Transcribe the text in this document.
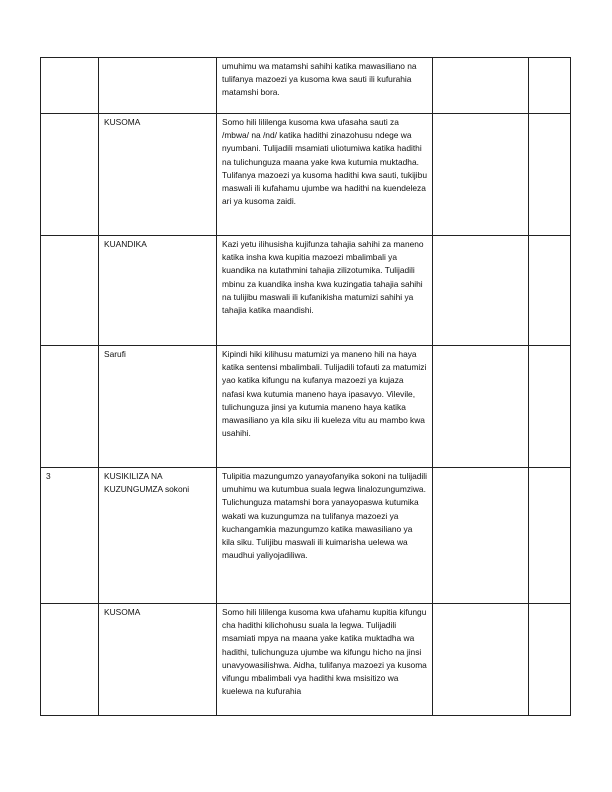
		umuhimu wa matamshi sahihi katika mawasiliano na tulifanya mazoezi ya kusoma kwa sauti ili kufurahia matamshi bora.		
	KUSOMA	Somo hili lililenga kusoma kwa ufasaha sauti za /mbwa/ na /nd/ katika hadithi zinazohusu ndege wa nyumbani. Tulijadili msamiati uliotumiwa katika hadithi na tulichunguza maana yake kwa kutumia muktadha. Tulifanya mazoezi ya kusoma hadithi kwa sauti, tukijibu maswali ili kufahamu ujumbe wa hadithi na kuendeleza ari ya kusoma zaidi.		
	KUANDIKA	Kazi yetu ilihusisha kujifunza tahajia sahihi za maneno katika insha kwa kupitia mazoezi mbalimbali ya kuandika na kutathmini tahajia zilizotumika. Tulijadili mbinu za kuandika insha kwa kuzingatia tahajia sahihi na tulijibu maswali ili kufanikisha matumizi sahihi ya tahajia katika maandishi.		
	Sarufi	Kipindi hiki kilihusu matumizi ya maneno hili na haya katika sentensi mbalimbali. Tulijadili tofauti za matumizi yao katika kifungu na kufanya mazoezi ya kujaza nafasi kwa kutumia maneno haya ipasavyo. Vilevile, tulichunguza jinsi ya kutumia maneno haya katika mawasiliano ya kila siku ili kueleza vitu au mambo kwa usahihi.		
3	KUSIKILIZA NA KUZUNGUMZA sokoni	Tulipitia mazungumzo yanayofanyika sokoni na tulijadili umuhimu wa kutumbua suala legwa linalozungumziwa. Tulichunguza matamshi bora yanayopaswa kutumika wakati wa kuzungumza na tulifanya mazoezi ya kuchangamkia mazungumzo katika mawasiliano ya kila siku. Tulijibu maswali ili kuimarisha uelewa wa maudhui yaliyojadiliwa.		
	KUSOMA	Somo hili lililenga kusoma kwa ufahamu kupitia kifungu cha hadithi kilichohusu suala la legwa. Tulijadili msamiati mpya na maana yake katika muktadha wa hadithi, tulichunguza ujumbe wa kifungu hicho na jinsi unavyowasilishwa. Aidha, tulifanya mazoezi ya kusoma vifungu mbalimbali vya hadithi kwa msisitizo wa kuelewa na kufurahia		
